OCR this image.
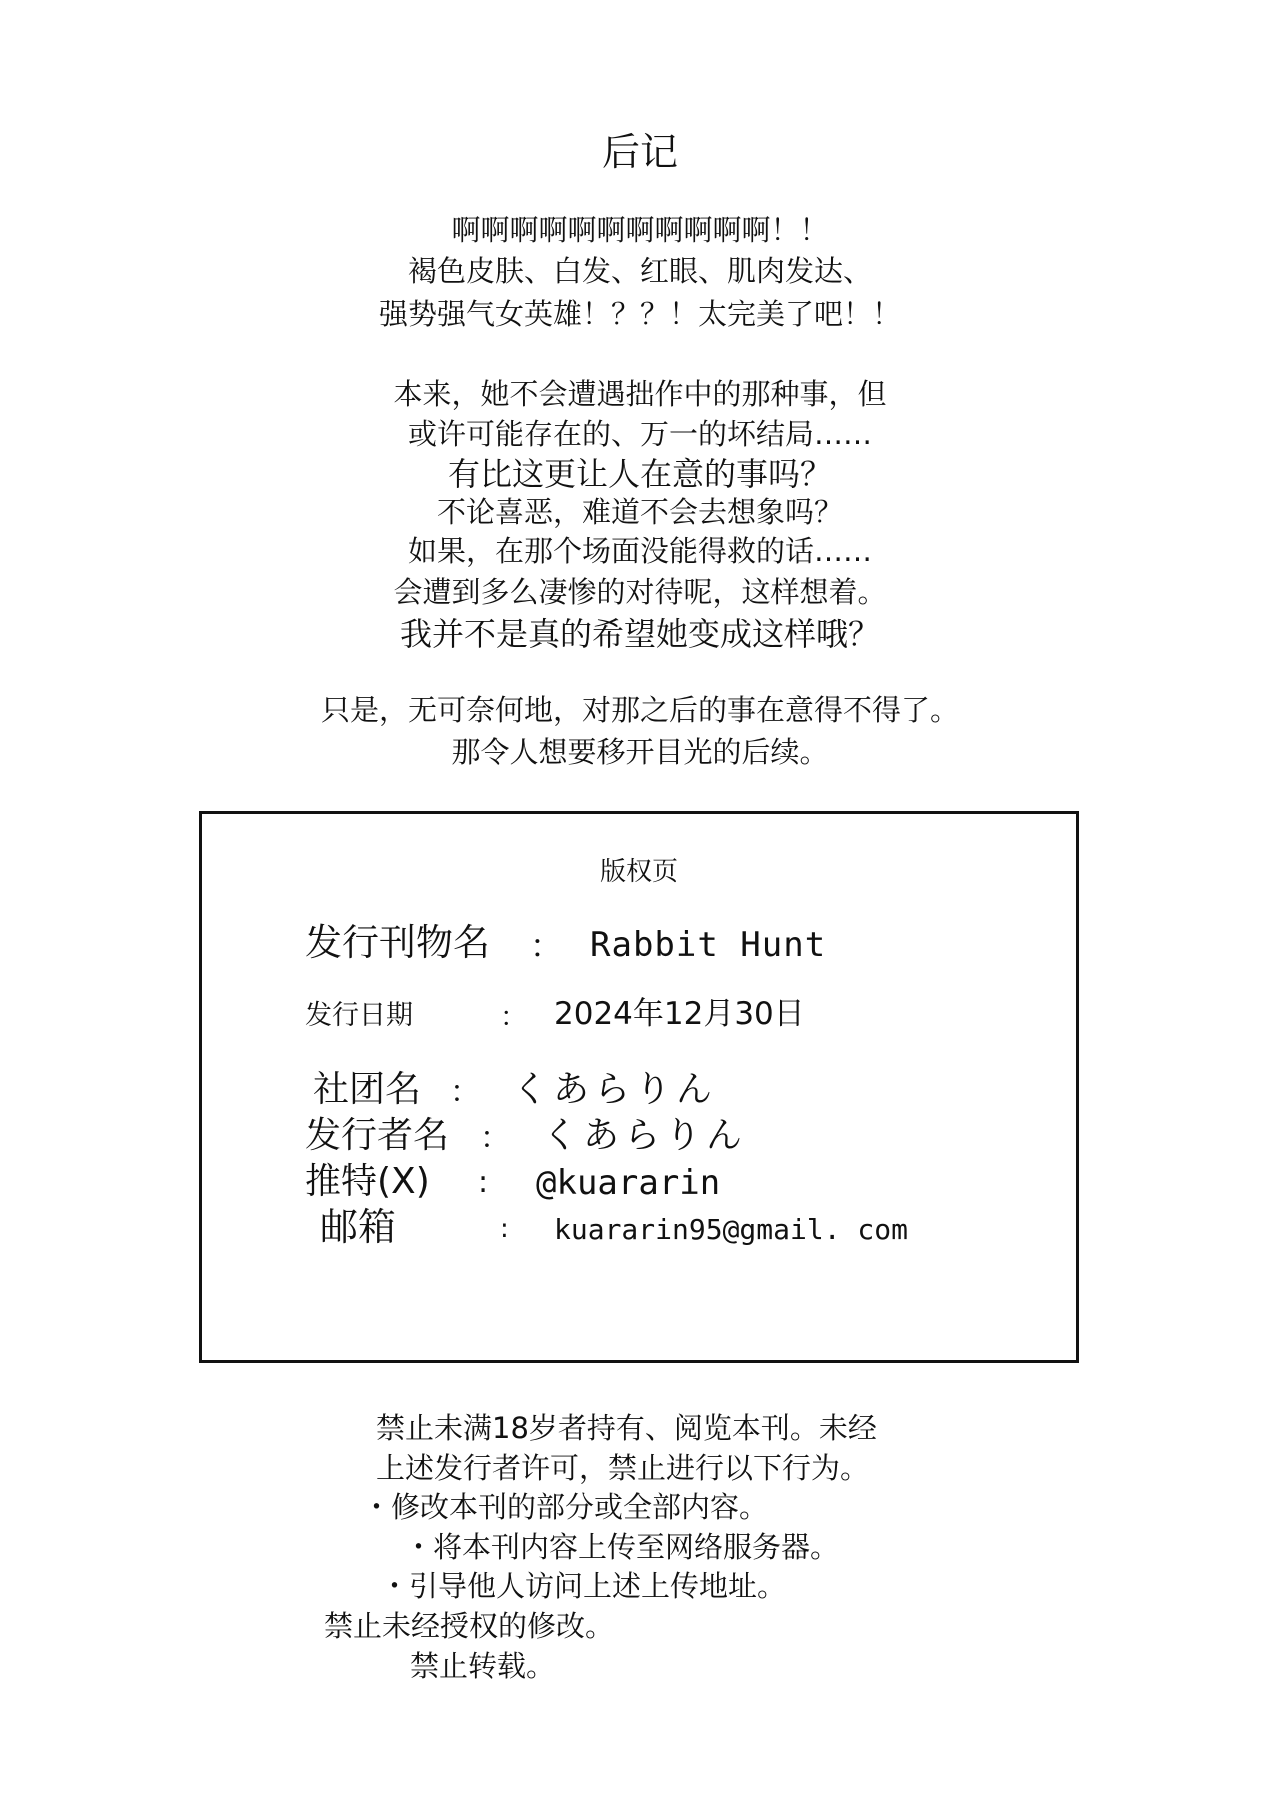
后记
啊啊啊啊啊啊啊啊啊啊啊！！
褐色皮肤、白发、红眼、肌肉发达、
强势强气女英雄！？？！太完美了吧！！
本来，她不会遭遇拙作中的那种事，但
或许可能存在的、万一的坏结局……
有比这更让人在意的事吗？
不论喜恶，难道不会去想象吗？
如果，在那个场面没能得救的话……
会遭到多么凄惨的对待呢，这样想着。
我并不是真的希望她变成这样哦？
只是，无可奈何地，对那之后的事在意得不得了。
那令人想要移开目光的后续。
版权页
发行刊物名 ： Rabbit Hunt
发行日期	： 2024年12月30日
社团名 ： くあらりん
发行者名 ： くあらりん
推特(X) : @kuararin
邮箱	: kuararin95@gmail. com
禁止未满18岁者持有、阅览本刊。未经
上述发行者许可，禁止进行以下行为。
・修改本刊的部分或全部内容。
・将本刊内容上传至网络服务器。
・引导他人访问上述上传地址。
禁止未经授权的修改。
禁止转载。
